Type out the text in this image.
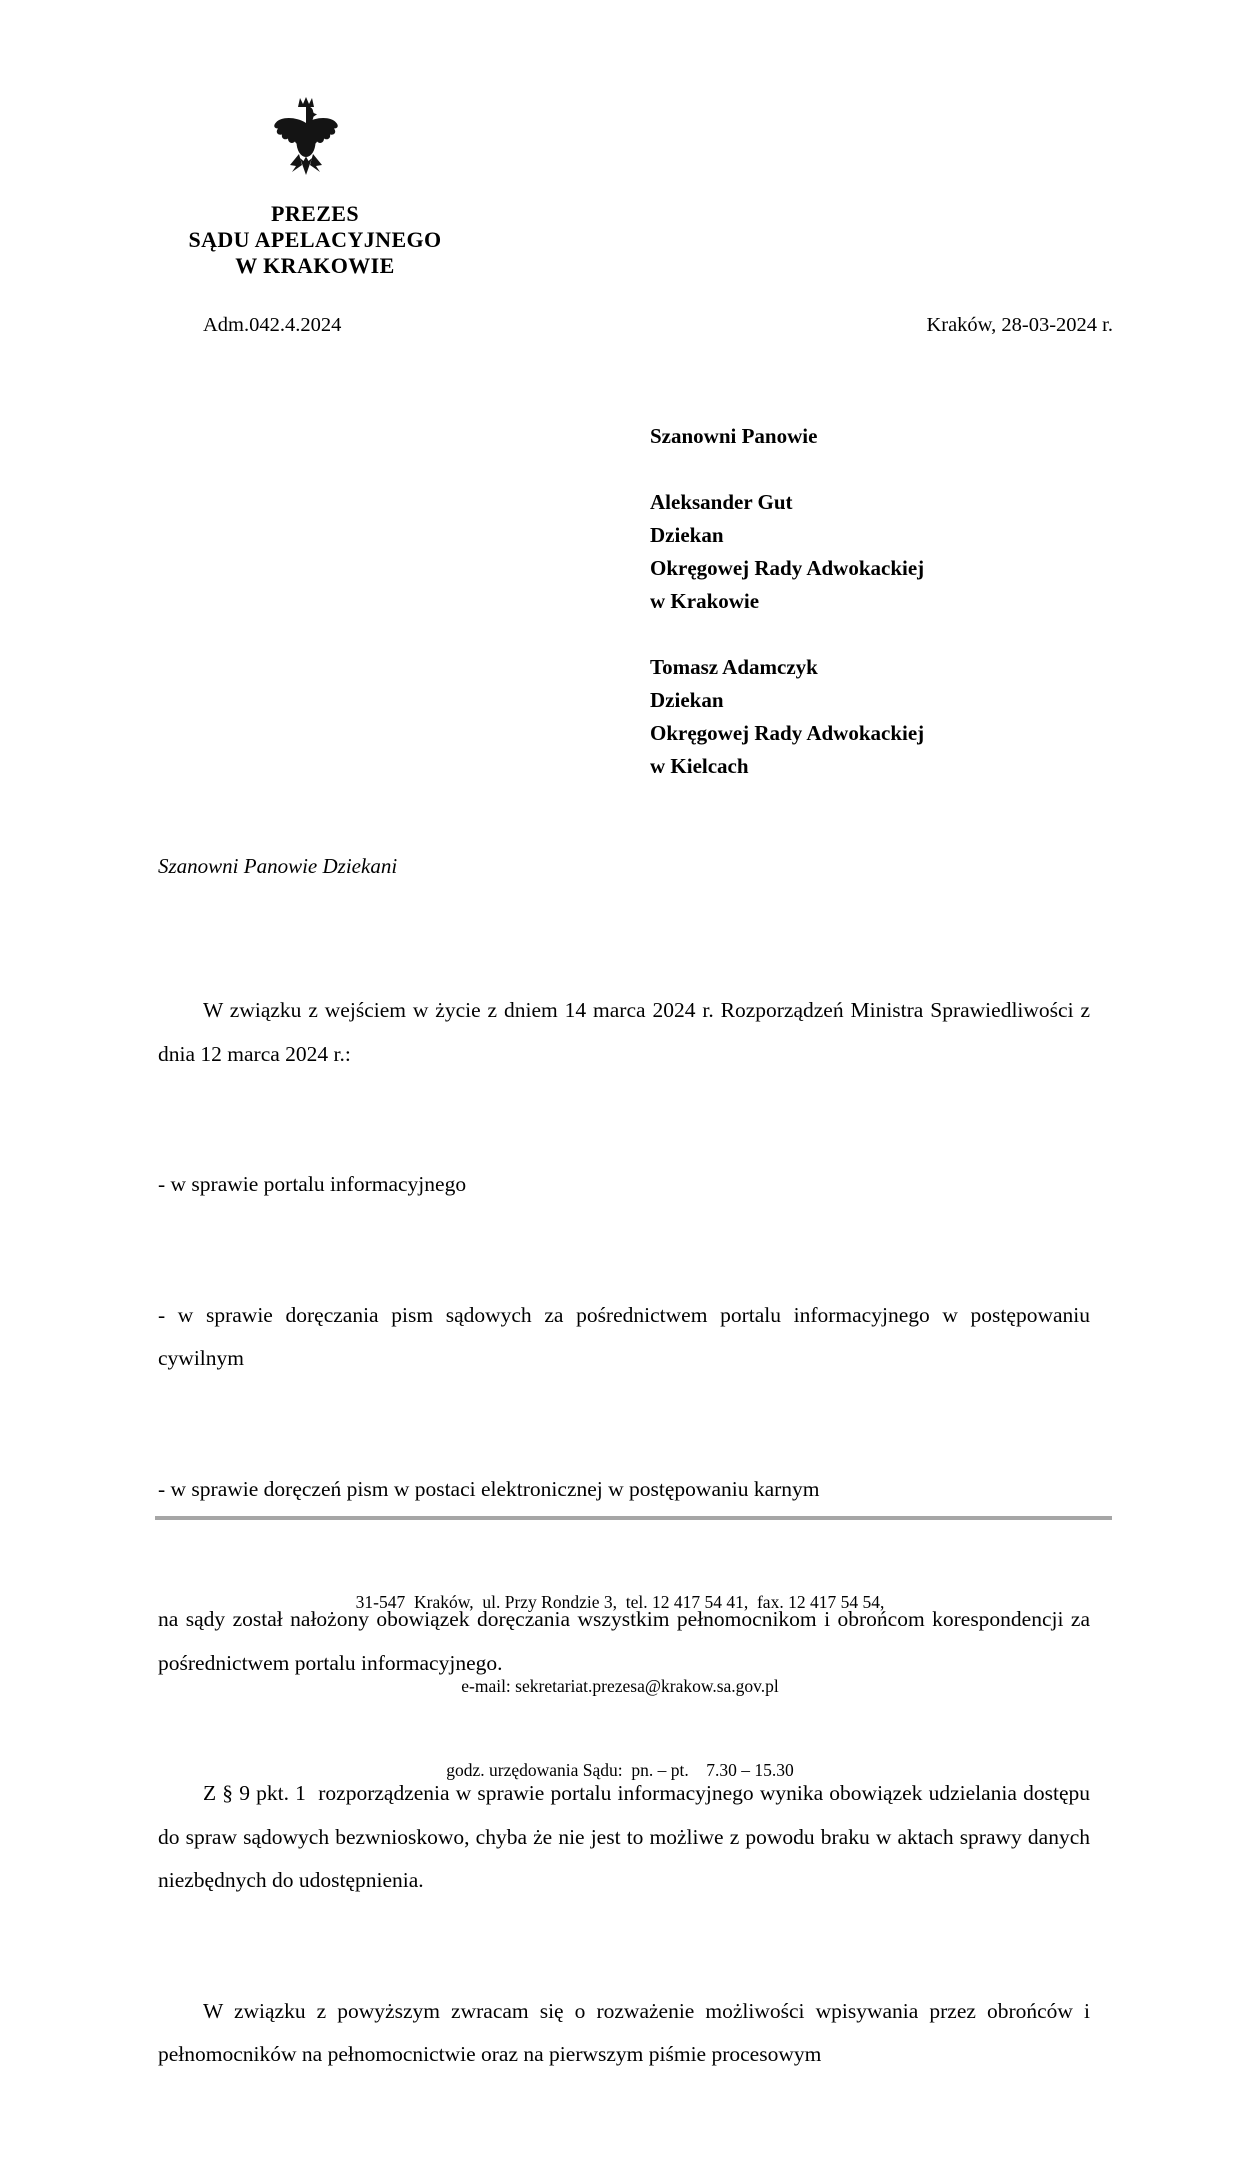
PREZES
SĄDU APELACYJNEGO
W KRAKOWIE
Adm.042.4.2024	Kraków, 28-03-2024 r.
Szanowni Panowie
Aleksander Gut
Dziekan
Okręgowej Rady Adwokackiej
w Krakowie
Tomasz Adamczyk
Dziekan
Okręgowej Rady Adwokackiej
w Kielcach
Szanowni Panowie Dziekani

W związku z wejściem w życie z dniem 14 marca 2024 r. Rozporządzeń Ministra Sprawiedliwości z dnia 12 marca 2024 r.:

- w sprawie portalu informacyjnego

- w sprawie doręczania pism sądowych za pośrednictwem portalu informacyjnego w postępowaniu cywilnym

- w sprawie doręczeń pism w postaci elektronicznej w postępowaniu karnym

na sądy został nałożony obowiązek doręczania wszystkim pełnomocnikom i obrońcom korespondencji za pośrednictwem portalu informacyjnego.

Z § 9 pkt. 1  rozporządzenia w sprawie portalu informacyjnego wynika obowiązek udzielania dostępu do spraw sądowych bezwnioskowo, chyba że nie jest to możliwe z powodu braku w aktach sprawy danych niezbędnych do udostępnienia.

W związku z powyższym zwracam się o rozważenie możliwości wpisywania przez obrońców i pełnomocników na pełnomocnictwie oraz na pierwszym piśmie procesowym

31-547  Kraków,  ul. Przy Rondzie 3,  tel. 12 417 54 41,  fax. 12 417 54 54,

e-mail: sekretariat.prezesa@krakow.sa.gov.pl

godz. urzędowania Sądu:  pn. – pt.    7.30 – 15.30
